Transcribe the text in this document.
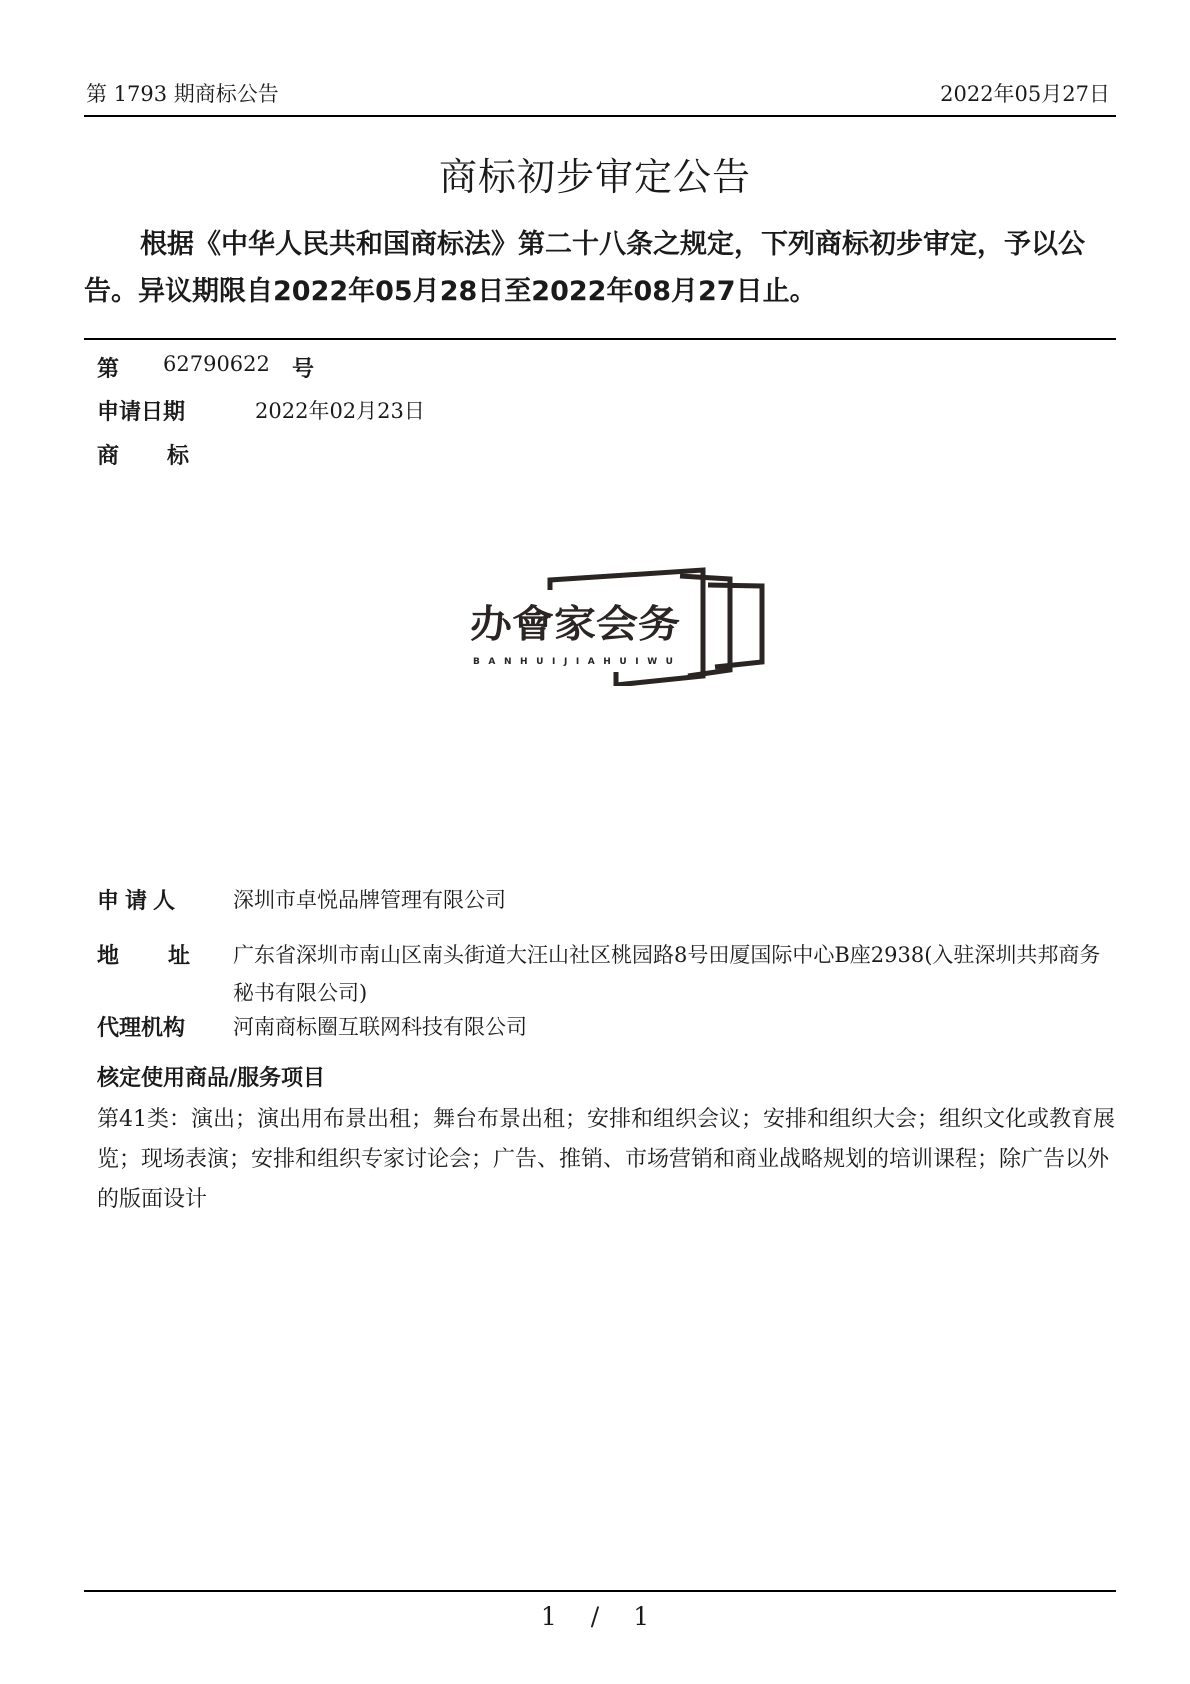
第 1793 期商标公告	2022年05月27日
商标初步审定公告
根据《中华人民共和国商标法》第二十八条之规定，下列商标初步审定，予以公告。异议期限自2022年05月28日至2022年08月27日止。
第 62790622 号
申请日期	2022年02月23日
商 标
办會家会务
BANHUIJIAHUIWU
申请人 深圳市卓悦品牌管理有限公司
地 址 广东省深圳市南山区南头街道大汪山社区桃园路8号田厦国际中心B座2938(入驻深圳共邦商务秘书有限公司)
代理机构 河南商标圈互联网科技有限公司
核定使用商品/服务项目
第41类：演出；演出用布景出租；舞台布景出租；安排和组织会议；安排和组织大会；组织文化或教育展览；现场表演；安排和组织专家讨论会；广告、推销、市场营销和商业战略规划的培训课程；除广告以外的版面设计
1 / 1
